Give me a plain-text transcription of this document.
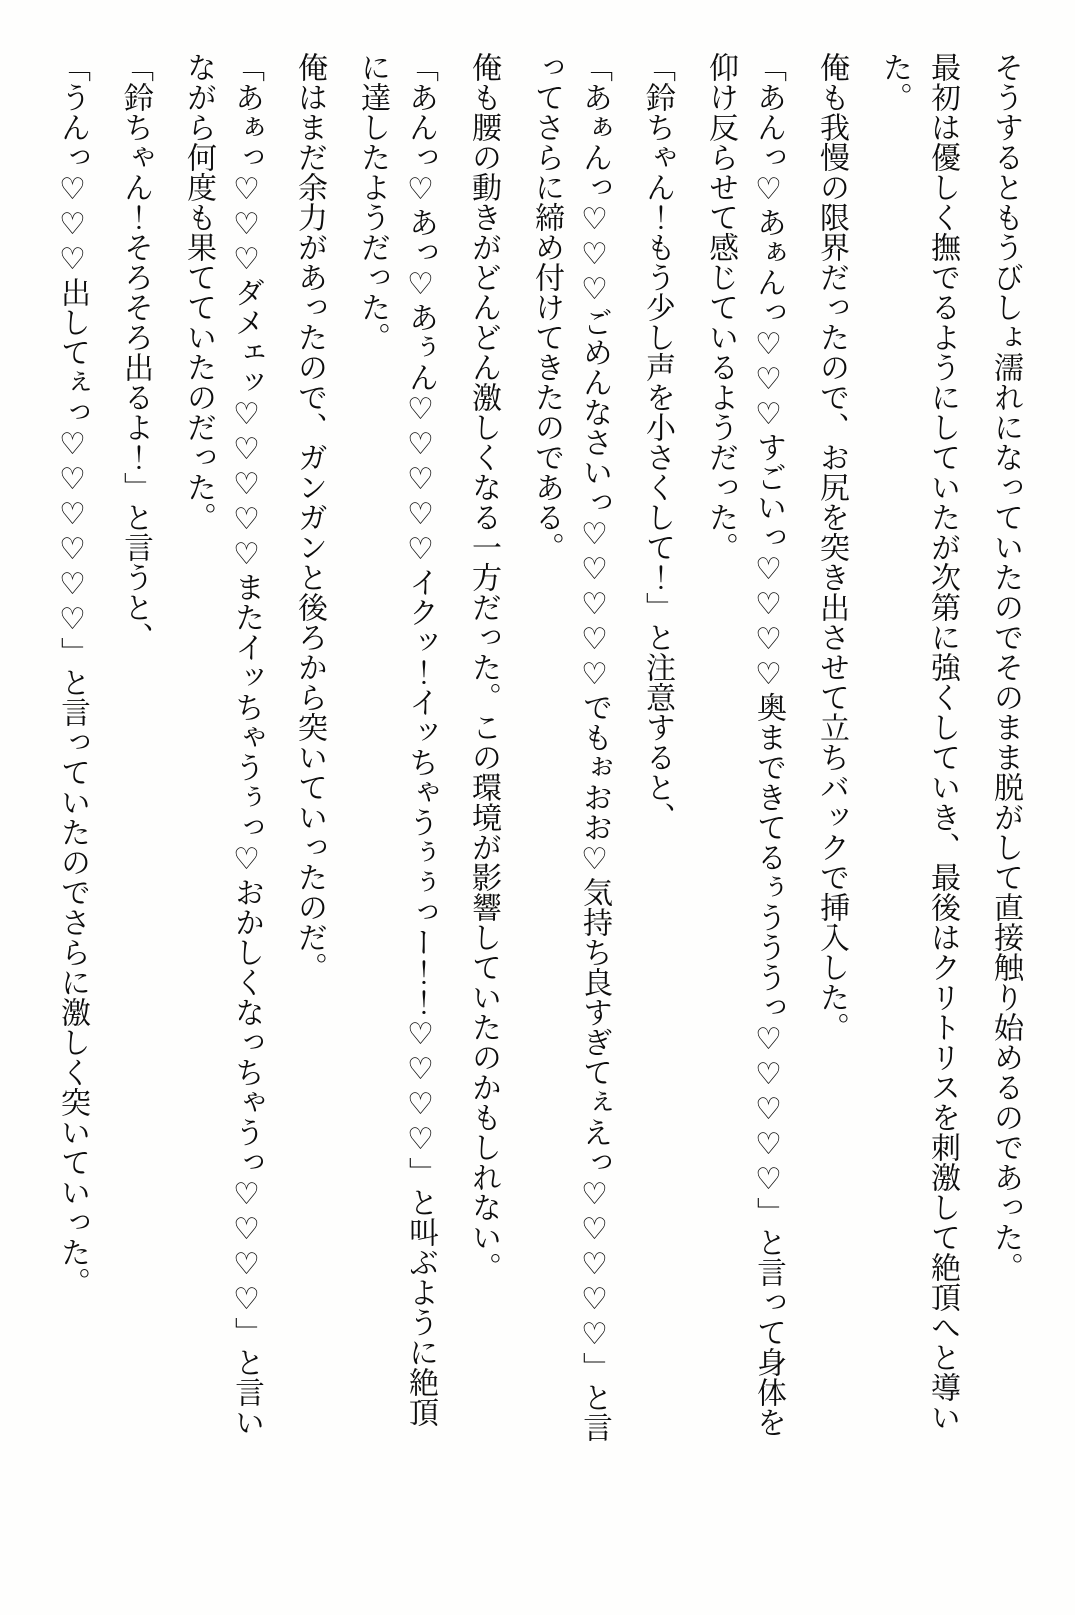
そうするともうびしょ濡れになっていたのでそのまま脱がして直接触り始めるのであった。

最初は優しく撫でるようにしていたが次第に強くしていき、最後はクリトリスを刺激して絶頂へと導いた。

俺も我慢の限界だったので、お尻を突き出させて立ちバックで挿入した。

「あんっ♡あぁんっ♡♡♡すごいっ♡♡♡♡奥まできてるぅうううっ♡♡♡♡♡」と言って身体を仰け反らせて感じているようだった。

「鈴ちゃん！もう少し声を小さくして！」と注意すると、

「あぁんっ♡♡♡ごめんなさいっ♡♡♡♡♡でもぉおお♡気持ち良すぎてぇえっ♡♡♡♡♡」と言ってさらに締め付けてきたのである。

俺も腰の動きがどんどん激しくなる一方だった。この環境が影響していたのかもしれない。

「あんっ♡あっ♡あぅん♡♡♡♡♡イクッ！イッちゃうぅぅっー！！♡♡♡♡」と叫ぶように絶頂に達したようだった。

俺はまだ余力があったので、ガンガンと後ろから突いていったのだ。

「あぁっ♡♡♡ダメェッ♡♡♡♡♡またイッちゃうぅっ♡おかしくなっちゃうっ♡♡♡♡」と言いながら何度も果てていたのだった。

「鈴ちゃん！そろそろ出るよ！」と言うと、

「うんっ♡♡♡出してぇっ♡♡♡♡♡♡」と言っていたのでさらに激しく突いていった。
